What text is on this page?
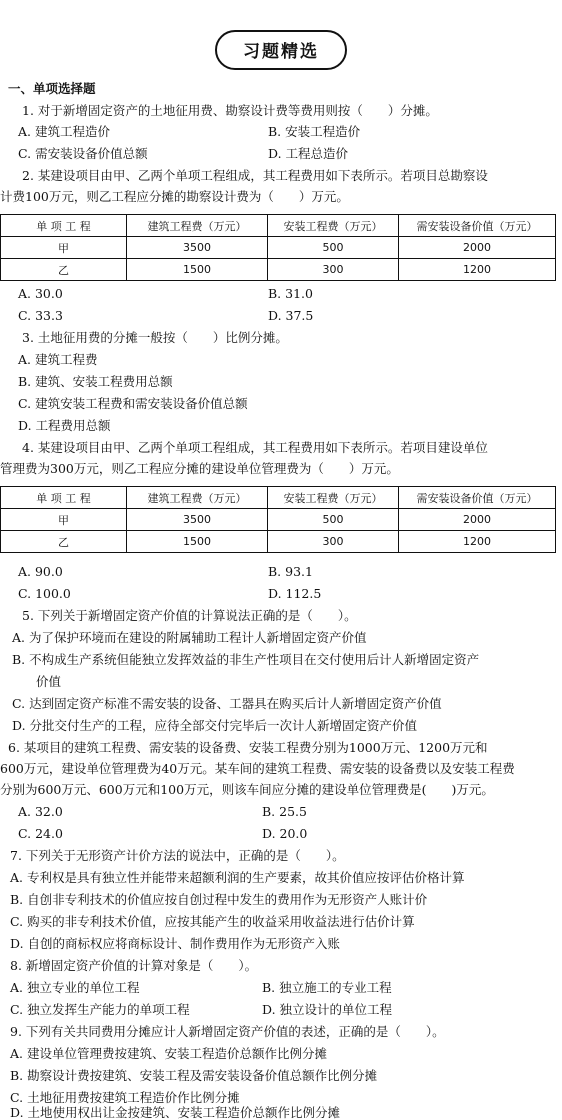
习题精选
一、单项选择题
1. 对于新增固定资产的土地征用费、勘察设计费等费用则按（　　）分摊。
A. 建筑工程造价	B. 安装工程造价
C. 需安装设备价值总额	D. 工程总造价
2. 某建设项目由甲、乙两个单项工程组成，其工程费用如下表所示。若项目总勘察设
计费100万元，则乙工程应分摊的勘察设计费为（　　）万元。
单 项 工 程	建筑工程费（万元）	安装工程费（万元）	需安装设备价值（万元）
甲	3500	500	2000
乙	1500	300	1200
A. 30.0	B. 31.0
C. 33.3	D. 37.5
3. 土地征用费的分摊一般按（　　）比例分摊。
A. 建筑工程费
B. 建筑、安装工程费用总额
C. 建筑安装工程费和需安装设备价值总额
D. 工程费用总额
4. 某建设项目由甲、乙两个单项工程组成，其工程费用如下表所示。若项目建设单位
管理费为300万元，则乙工程应分摊的建设单位管理费为（　　）万元。
单 项 工 程	建筑工程费（万元）	安装工程费（万元）	需安装设备价值（万元）
甲	3500	500	2000
乙	1500	300	1200
A. 90.0	B. 93.1
C. 100.0	D. 112.5
5. 下列关于新增固定资产价值的计算说法正确的是（　　）。
A. 为了保护环境而在建设的附属辅助工程计人新增固定资产价值
B. 不构成生产系统但能独立发挥效益的非生产性项目在交付使用后计人新增固定资产
价值
C. 达到固定资产标准不需安装的设备、工器具在购买后计人新增固定资产价值
D. 分批交付生产的工程，应待全部交付完毕后一次计人新增固定资产价值
6. 某项目的建筑工程费、需安装的设备费、安装工程费分别为1000万元、1200万元和
600万元，建设单位管理费为40万元。某车间的建筑工程费、需安装的设备费以及安装工程费
分别为600万元、600万元和100万元，则该车间应分摊的建设单位管理费是(　　)万元。
A. 32.0	B. 25.5
C. 24.0	D. 20.0
7. 下列关于无形资产计价方法的说法中，正确的是（　　）。
A. 专利权是具有独立性并能带来超额利润的生产要素，故其价值应按评估价格计算
B. 自创非专利技术的价值应按自创过程中发生的费用作为无形资产人账计价
C. 购买的非专利技术价值，应按其能产生的收益采用收益法进行估价计算
D. 自创的商标权应将商标设计、制作费用作为无形资产入账
8. 新增固定资产价值的计算对象是（　　）。
A. 独立专业的单位工程	B. 独立施工的专业工程
C. 独立发挥生产能力的单项工程	D. 独立设计的单位工程
9. 下列有关共同费用分摊应计人新增固定资产价值的表述，正确的是（　　）。
A. 建设单位管理费按建筑、安装工程造价总额作比例分摊
B. 勘察设计费按建筑、安装工程及需安装设备价值总额作比例分摊
C. 土地征用费按建筑工程造价作比例分摊
D. 土地使用权出让金按建筑、安装工程造价总额作比例分摊
